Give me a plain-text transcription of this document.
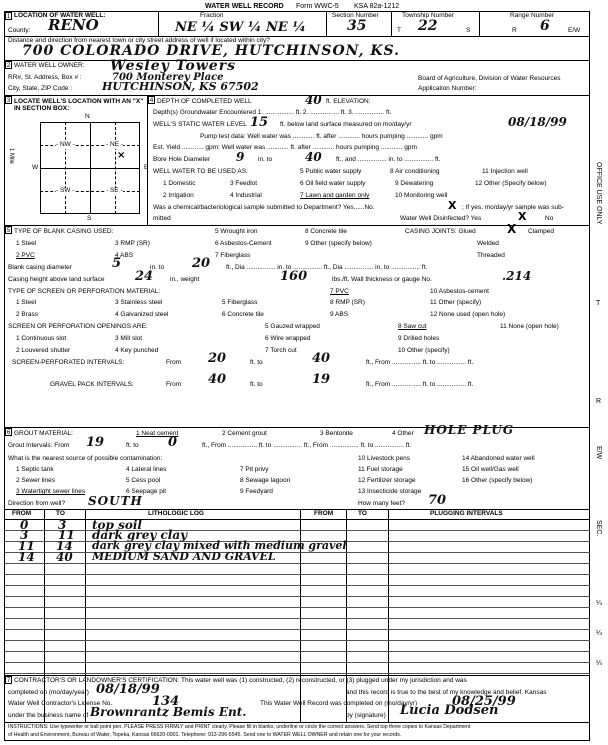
WATER WELL RECORD Form WWC-5 KSA 82a-1212
1 LOCATION OF WATER WELL:
County: RENO
Fraction
NE ¼ SW ¼ NE ¼
Section Number
35
Township Number
T 22	S
Range Number
R 6	E/W
Distance and direction from nearest town or city street address of well if located within city?
700 COLORADO DRIVE, HUTCHINSON, KS.
2 WATER WELL OWNER: Wesley Towers
RR#, St. Address, Box # :	700 Monterey Place
City, State, ZIP Code :	HUTCHINSON, KS 67502
Board of Agriculture, Division of Water Resources
Application Number:
3 LOCATE WELL'S LOCATION WITH AN "X" IN SECTION BOX:
N
S
W	E
1 Mile
- NW -	- NE -
- SW -	- SE -
×
4 DEPTH OF COMPLETED WELL	40 ft. ELEVATION:
Depth(s) Groundwater Encountered 1. ................ ft. 2. ................ ft. 3. ................ ft.
WELL'S STATIC WATER LEVEL 15 ft. below land surface measured on mo/day/yr	08/18/99
Pump test data: Well water was ............ ft. after ............ hours pumping ............ gpm
Est. Yield ............ gpm: Well water was ............ ft. after ............ hours pumping ............ gpm
Bore Hole Diameter 9 in. to	40 ft., and ................ in. to ................ ft.
WELL WATER TO BE USED AS:	5 Public water supply	8 Air conditioning	11 Injection well
1 Domestic	3 Feedlot	6 Oil field water supply	9 Dewatering	12 Other (Specify below)
2 Irrigation	4 Industrial	7 Lawn and garden only	10 Monitoring well
Was a chemical/bacteriological sample submitted to Department? Yes......No.	X ; If yes, mo/day/yr sample was sub-
mitted	Water Well Disinfected? Yes	X	No
5 TYPE OF BLANK CASING USED:	5 Wrought iron	8 Concrete tile
1 Steel	3 RMP (SR)	6 Asbestos-Cement	9 Other (specify below)
2 PVC	4 ABS	7 Fiberglass
CASING JOINTS: Glued	X Clamped
Welded
Threaded
Blank casing diameter	5	in. to 20 ft., Dia ................ in. to ................ ft., Dia ................ in. to ................ ft.
Casing height above land surface 24	in., weight	160	lbs./ft. Wall thickness or gauge No.	.214
TYPE OF SCREEN OR PERFORATION MATERIAL:	7 PVC	10 Asbestos-cement
1 Steel	3 Stainless steel	5 Fiberglass	8 RMP (SR)	11 Other (specify)
2 Brass	4 Galvanized steel	6 Concrete tile	9 ABS	12 None used (open hole)
SCREEN OR PERFORATION OPENINGS ARE:	5 Gauzed wrapped	8 Saw cut	11 None (open hole)
1 Continuous slot	3 Mill slot	6 Wire wrapped	9 Drilled holes
2 Louvered shutter	4 Key punched	7 Torch cut	10 Other (specify)
SCREEN-PERFORATED INTERVALS:	From 20	ft. to	40	ft., From ................ ft. to ................ ft.
GRAVEL PACK INTERVALS:	From 40	ft. to	19	ft., From ................ ft. to ................ ft.
6 GROUT MATERIAL:	1 Neat cement	2 Cement grout	3 Bentonite	4 Other HOLE PLUG
Grout Intervals: From 19	ft. to 0	ft., From ................ ft. to ................ ft., From ................ ft. to ................ ft.
What is the nearest source of possible contamination:	10 Livestock pens	14 Abandoned water well
1 Septic tank	4 Lateral lines	7 Pit privy	11 Fuel storage	15 Oil well/Gas well
2 Sewer lines	5 Cess pool	8 Sewage lagoon	12 Fertilizer storage	16 Other (specify below)
3 Watertight sewer lines	6 Seepage pit	9 Feedyard	13 Insecticide storage
Direction from well? SOUTH	How many feet? 70
FROM	TO	LITHOLOGIC LOG	FROM	TO	PLUGGING INTERVALS
0 3 top soil
3 11 dark grey clay
11 14 dark grey clay mixed with medium gravel
14 40 MEDIUM SAND AND GRAVEL
7 CONTRACTOR'S OR LANDOWNER'S CERTIFICATION: This water well was (1) constructed, (2) reconstructed, or (3) plugged under my jurisdiction and was
completed on (mo/day/year) 08/18/99	and this record is true to the best of my knowledge and belief. Kansas
Water Well Contractor's License No.	134	This Water Well Record was completed on (mo/day/yr)	08/25/99
under the business name of Brownrantz Bemis Ent.	by (signature) Lucia Dodsen
INSTRUCTIONS: Use typewriter or ball point pen. PLEASE PRESS FIRMLY and PRINT clearly. Please fill in blanks, underline or circle the correct answers. Send top three copies to Kansas Department
of Health and Environment, Bureau of Water, Topeka, Kansas 66620-0001. Telephone: 913-296-5545. Send one to WATER WELL OWNER and retain one for your records.
OFFICE USE ONLY
T
R
E/W
SEC.
¼
¼
¼
